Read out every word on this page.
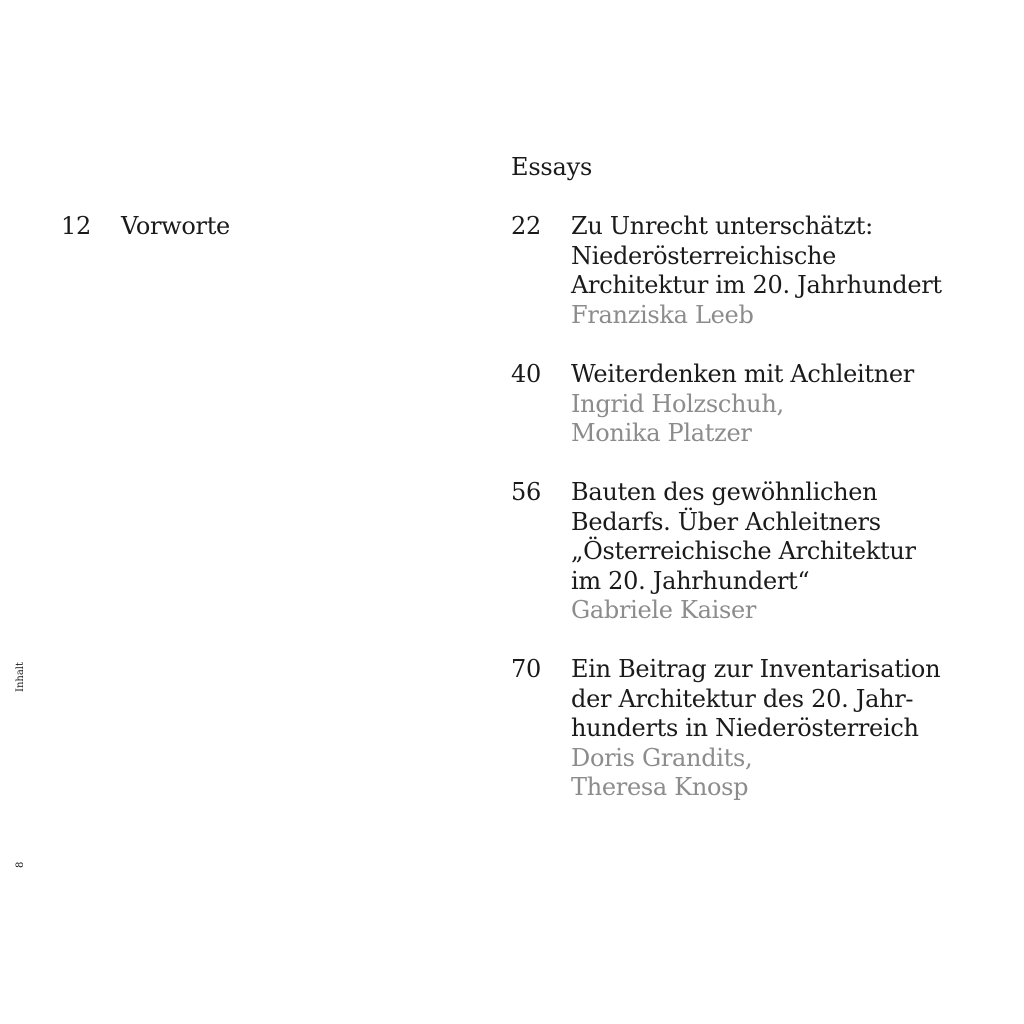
Essays
12 Vorworte	22 Zu Unrecht unterschätzt:
Niederösterreichische
Architektur im 20. Jahrhundert
Franziska Leeb
40 Weiterdenken mit Achleitner
Ingrid Holzschuh,
Monika Platzer
56 Bauten des gewöhnlichen
Bedarfs. Über Achleitners
„Österreichische Architektur
im 20. Jahrhundert“
Gabriele Kaiser
70 Ein Beitrag zur Inventarisation
der Architektur des 20. Jahr-
hunderts in Niederösterreich
Doris Grandits,
Theresa Knosp
Inhalt
8
